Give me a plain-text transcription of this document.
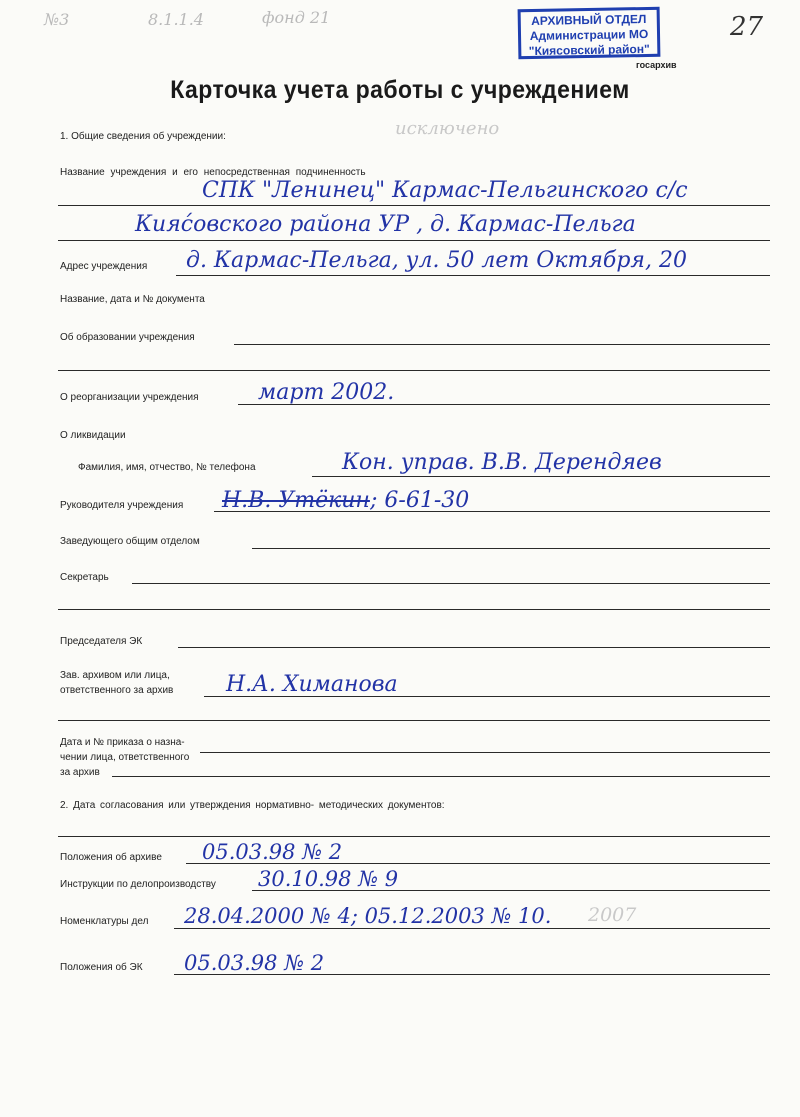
№3	8.1.1.4	фонд 21	АРХИВНЫЙ ОТДЕЛ
Администрации МО
"Киясовский район"
госархив
27
Карточка учета работы с учреждением
исключено
1. Общие сведения об учреждении:
Название учреждения и его непосредственная подчиненность
СПК "Ленинец" Кармас-Пельгинского с/с
Кияс́овского района УР , д. Кармас-Пельга
Адрес учреждения д. Кармас-Пельга, ул. 50 лет Октября, 20
Название, дата и № документа
Об образовании учреждения
О реорганизации учреждения	март 2002.
О ликвидации
Фамилия, имя, отчество, № телефона	Кон. управ. В.В. Дерендяев
Руководителя учреждения Н.В. Утёкин ; 6-61-30
Заведующего общим отделом
Секретарь
Председателя ЭК
Зав. архивом или лица,
ответственного за архив Н.А. Химанова
Дата и № приказа о назна-
чении лица, ответственного
за архив
2. Дата согласования или утверждения нормативно- методических документов:
Положения об архиве 05.03.98 № 2
Инструкции по делопроизводству 30.10.98 № 9
Номенклатуры дел 28.04.2000 № 4; 05.12.2003 № 10. 2007
Положения об ЭК 05.03.98 № 2
